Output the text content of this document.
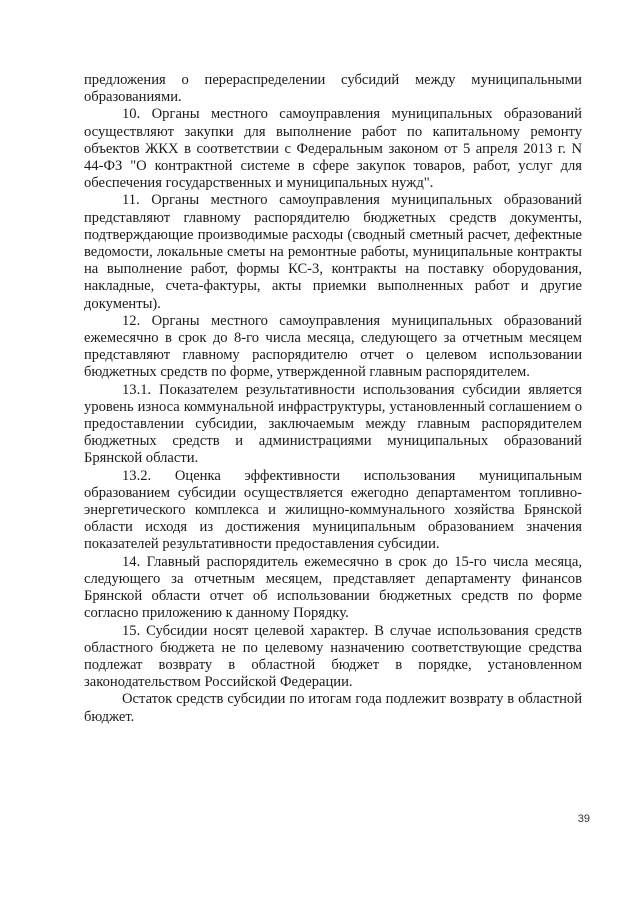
предложения о перераспределении субсидий между муниципальными образованиями.

10. Органы местного самоуправления муниципальных образований осуществляют закупки для выполнение работ по капитальному ремонту объектов ЖКХ в соответствии с Федеральным законом от 5 апреля 2013 г. N 44-ФЗ "О контрактной системе в сфере закупок товаров, работ, услуг для обеспечения государственных и муниципальных нужд".

11. Органы местного самоуправления муниципальных образований представляют главному распорядителю бюджетных средств документы, подтверждающие производимые расходы (сводный сметный расчет, дефектные ведомости, локальные сметы на ремонтные работы, муниципальные контракты на выполнение работ, формы КС-3, контракты на поставку оборудования, накладные, счета-фактуры, акты приемки выполненных работ и другие документы).

12. Органы местного самоуправления муниципальных образований ежемесячно в срок до 8-го числа месяца, следующего за отчетным месяцем представляют главному распорядителю отчет о целевом использовании бюджетных средств по форме, утвержденной главным распорядителем.

13.1. Показателем результативности использования субсидии является уровень износа коммунальной инфраструктуры, установленный соглашением о предоставлении субсидии, заключаемым между главным распорядителем бюджетных средств и администрациями муниципальных образований Брянской области.

13.2. Оценка эффективности использования муниципальным образованием субсидии осуществляется ежегодно департаментом топливно-энергетического комплекса и жилищно-коммунального хозяйства Брянской области исходя из достижения муниципальным образованием значения показателей результативности предоставления субсидии.

14. Главный распорядитель ежемесячно в срок до 15-го числа месяца, следующего за отчетным месяцем, представляет департаменту финансов Брянской области отчет об использовании бюджетных средств по форме согласно приложению к данному Порядку.

15. Субсидии носят целевой характер. В случае использования средств областного бюджета не по целевому назначению соответствующие средства подлежат возврату в областной бюджет в порядке, установленном законодательством Российской Федерации.

Остаток средств субсидии по итогам года подлежит возврату в областной бюджет.

39
